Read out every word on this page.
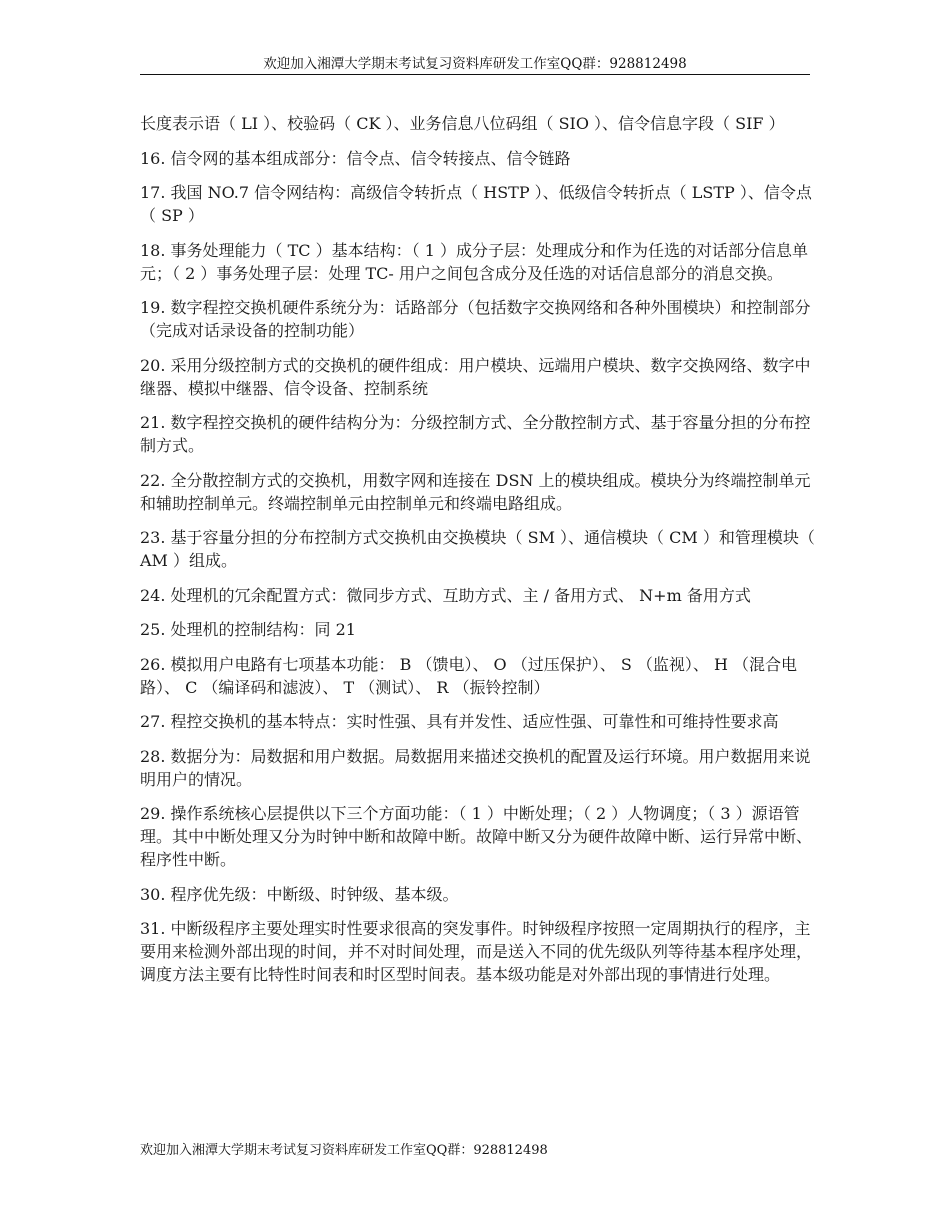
欢迎加入湘潭大学期末考试复习资料库研发工作室QQ群：928812498

长度表示语（ LI ）、校验码（ CK ）、业务信息八位码组（ SIO ）、信令信息字段（ SIF ）

16. 信令网的基本组成部分：信令点、信令转接点、信令链路

17. 我国 NO.7 信令网结构：高级信令转折点（ HSTP ）、低级信令转折点（ LSTP ）、信令点（ SP ）

18. 事务处理能力（ TC ）基本结构：（ 1 ）成分子层：处理成分和作为任选的对话部分信息单元；（ 2 ）事务处理子层：处理 TC- 用户之间包含成分及任选的对话信息部分的消息交换。

19. 数字程控交换机硬件系统分为：话路部分（包括数字交换网络和各种外围模块）和控制部分（完成对话录设备的控制功能）

20. 采用分级控制方式的交换机的硬件组成：用户模块、远端用户模块、数字交换网络、数字中继器、模拟中继器、信令设备、控制系统

21. 数字程控交换机的硬件结构分为：分级控制方式、全分散控制方式、基于容量分担的分布控制方式。

22. 全分散控制方式的交换机，用数字网和连接在 DSN 上的模块组成。模块分为终端控制单元和辅助控制单元。终端控制单元由控制单元和终端电路组成。

23. 基于容量分担的分布控制方式交换机由交换模块（ SM ）、通信模块（ CM ）和管理模块（ AM ）组成。

24. 处理机的冗余配置方式：微同步方式、互助方式、主 / 备用方式、 N+m 备用方式

25. 处理机的控制结构：同 21

26. 模拟用户电路有七项基本功能： B （馈电）、 O （过压保护）、 S （监视）、 H （混合电路）、 C （编译码和滤波）、 T （测试）、 R （振铃控制）

27. 程控交换机的基本特点：实时性强、具有并发性、适应性强、可靠性和可维持性要求高

28. 数据分为：局数据和用户数据。局数据用来描述交换机的配置及运行环境。用户数据用来说明用户的情况。

29. 操作系统核心层提供以下三个方面功能：（ 1 ）中断处理；（ 2 ）人物调度；（ 3 ）源语管理。其中中断处理又分为时钟中断和故障中断。故障中断又分为硬件故障中断、运行异常中断、程序性中断。

30. 程序优先级：中断级、时钟级、基本级。

31. 中断级程序主要处理实时性要求很高的突发事件。时钟级程序按照一定周期执行的程序，主要用来检测外部出现的时间，并不对时间处理，而是送入不同的优先级队列等待基本程序处理，调度方法主要有比特性时间表和时区型时间表。基本级功能是对外部出现的事情进行处理。

欢迎加入湘潭大学期末考试复习资料库研发工作室QQ群：928812498
